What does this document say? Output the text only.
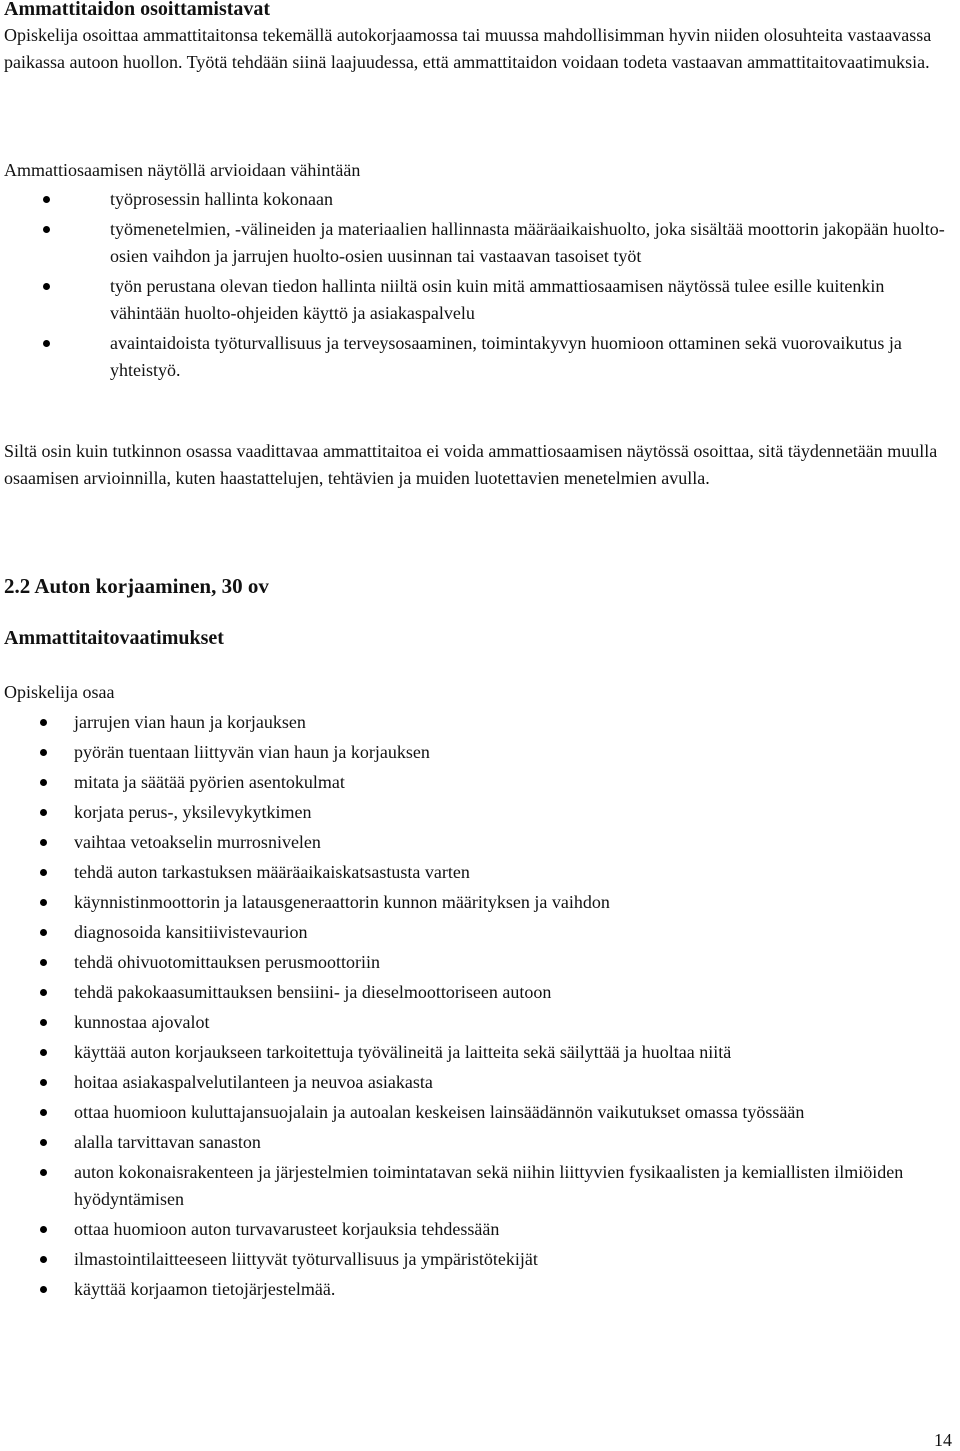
Ammattitaidon osoittamistavat

Opiskelija osoittaa ammattitaitonsa tekemällä autokorjaamossa tai muussa mahdollisimman hyvin niiden olosuhteita vastaavassa paikassa autoon huollon. Työtä tehdään siinä laajuudessa, että ammattitaidon voidaan todeta vastaavan ammattitaitovaatimuksia.

Ammattiosaamisen näytöllä arvioidaan vähintään

työprosessin hallinta kokonaan
työmenetelmien, -välineiden ja materiaalien hallinnasta määräaikaishuolto, joka sisältää moottorin jakopään huolto-osien vaihdon ja jarrujen huolto-osien uusinnan tai vastaavan tasoiset työt
työn perustana olevan tiedon hallinta niiltä osin kuin mitä ammattiosaamisen näytössä tulee esille kuitenkin vähintään huolto-ohjeiden käyttö ja asiakaspalvelu
avaintaidoista työturvallisuus ja terveysosaaminen, toimintakyvyn huomioon ottaminen sekä vuorovaikutus ja yhteistyö.

Siltä osin kuin tutkinnon osassa vaadittavaa ammattitaitoa ei voida ammattiosaamisen näytössä osoittaa, sitä täydennetään muulla osaamisen arvioinnilla, kuten haastattelujen, tehtävien ja muiden luotettavien menetelmien avulla.

2.2 Auton korjaaminen, 30 ov
Ammattitaitovaatimukset

Opiskelija osaa

jarrujen vian haun ja korjauksen
pyörän tuentaan liittyvän vian haun ja korjauksen
mitata ja säätää pyörien asentokulmat
korjata perus-, yksilevykytkimen
vaihtaa vetoakselin murrosnivelen
tehdä auton tarkastuksen määräaikaiskatsastusta varten
käynnistinmoottorin ja latausgeneraattorin kunnon määrityksen ja vaihdon
diagnosoida kansitiivistevaurion
tehdä ohivuotomittauksen perusmoottoriin
tehdä pakokaasumittauksen bensiini- ja dieselmoottoriseen autoon
kunnostaa ajovalot
käyttää auton korjaukseen tarkoitettuja työvälineitä ja laitteita sekä säilyttää ja huoltaa niitä
hoitaa asiakaspalvelutilanteen ja neuvoa asiakasta
ottaa huomioon kuluttajansuojalain ja autoalan keskeisen lainsäädännön vaikutukset omassa työssään
alalla tarvittavan sanaston
auton kokonaisrakenteen ja järjestelmien toimintatavan sekä niihin liittyvien fysikaalisten ja kemiallisten ilmiöiden hyödyntämisen
ottaa huomioon auton turvavarusteet korjauksia tehdessään
ilmastointilaitteeseen liittyvät työturvallisuus ja ympäristötekijät
käyttää korjaamon tietojärjestelmää.
14
